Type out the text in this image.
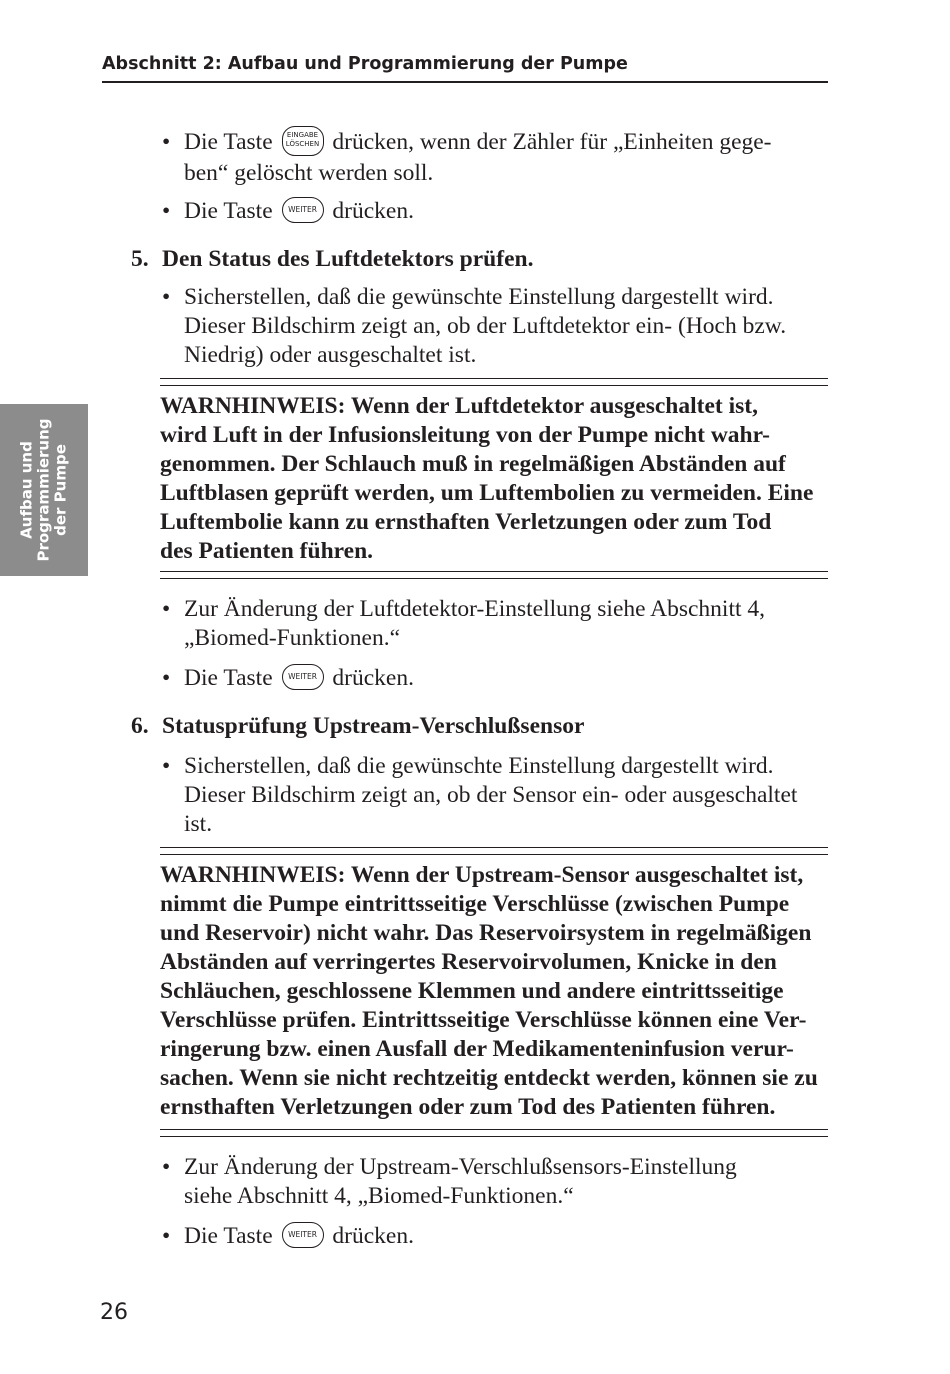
Abschnitt 2: Aufbau und Programmierung der Pumpe
Aufbau und Programmierung der Pumpe
• Die Taste	EINGABE
LÖSCHEN drücken, wenn der Zähler für „Einheiten gege-
ben“ gelöscht werden soll.
• Die Taste WEITER drücken.
5. Den Status des Luftdetektors prüfen.
• Sicherstellen, daß die gewünschte Einstellung dargestellt wird.
Dieser Bildschirm zeigt an, ob der Luftdetektor ein- (Hoch bzw.
Niedrig) oder ausgeschaltet ist.
WARNHINWEIS: Wenn der Luftdetektor ausgeschaltet ist,
wird Luft in der Infusionsleitung von der Pumpe nicht wahr-
genommen. Der Schlauch muß in regelmäßigen Abständen auf
Luftblasen geprüft werden, um Luftembolien zu vermeiden. Eine
Luftembolie kann zu ernsthaften Verletzungen oder zum Tod
des Patienten führen.
• Zur Änderung der Luftdetektor-Einstellung siehe Abschnitt 4,
„Biomed-Funktionen.“
• Die Taste WEITER drücken.
6. Statusprüfung Upstream-Verschlußsensor
• Sicherstellen, daß die gewünschte Einstellung dargestellt wird.
Dieser Bildschirm zeigt an, ob der Sensor ein- oder ausgeschaltet
ist.
WARNHINWEIS: Wenn der Upstream-Sensor ausgeschaltet ist,
nimmt die Pumpe eintrittsseitige Verschlüsse (zwischen Pumpe
und Reservoir) nicht wahr. Das Reservoirsystem in regelmäßigen
Abständen auf verringertes Reservoirvolumen, Knicke in den
Schläuchen, geschlossene Klemmen und andere eintrittsseitige
Verschlüsse prüfen. Eintrittsseitige Verschlüsse können eine Ver-
ringerung bzw. einen Ausfall der Medikamenteninfusion verur-
sachen. Wenn sie nicht rechtzeitig entdeckt werden, können sie zu
ernsthaften Verletzungen oder zum Tod des Patienten führen.
• Zur Änderung der Upstream-Verschlußsensors-Einstellung
siehe Abschnitt 4, „Biomed-Funktionen.“
• Die Taste WEITER drücken.
26
